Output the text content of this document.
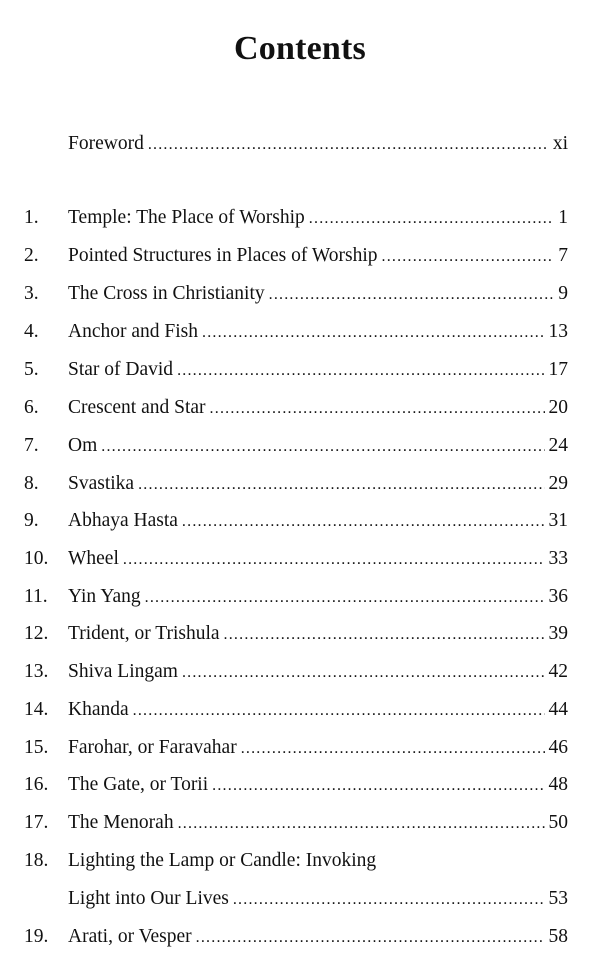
Contents
Foreword .....	xi
1.	Temple: The Place of Worship .....	1
2.	Pointed Structures in Places of Worship .....	7
3.	The Cross in Christianity .....	9
4.	Anchor and Fish .....	13
5.	Star of David .....	17
6.	Crescent and Star .....	20
7.	Om .....	24
8.	Svastika .....	29
9.	Abhaya Hasta .....	31
10.	Wheel .....	33
11.	Yin Yang .....	36
12.	Trident, or Trishula .....	39
13.	Shiva Lingam .....	42
14.	Khanda .....	44
15.	Farohar, or Faravahar .....	46
16.	The Gate, or Torii .....	48
17.	The Menorah .....	50
18.	Lighting the Lamp or Candle: Invoking
Light into Our Lives .....	53
19.	Arati, or Vesper .....	58
